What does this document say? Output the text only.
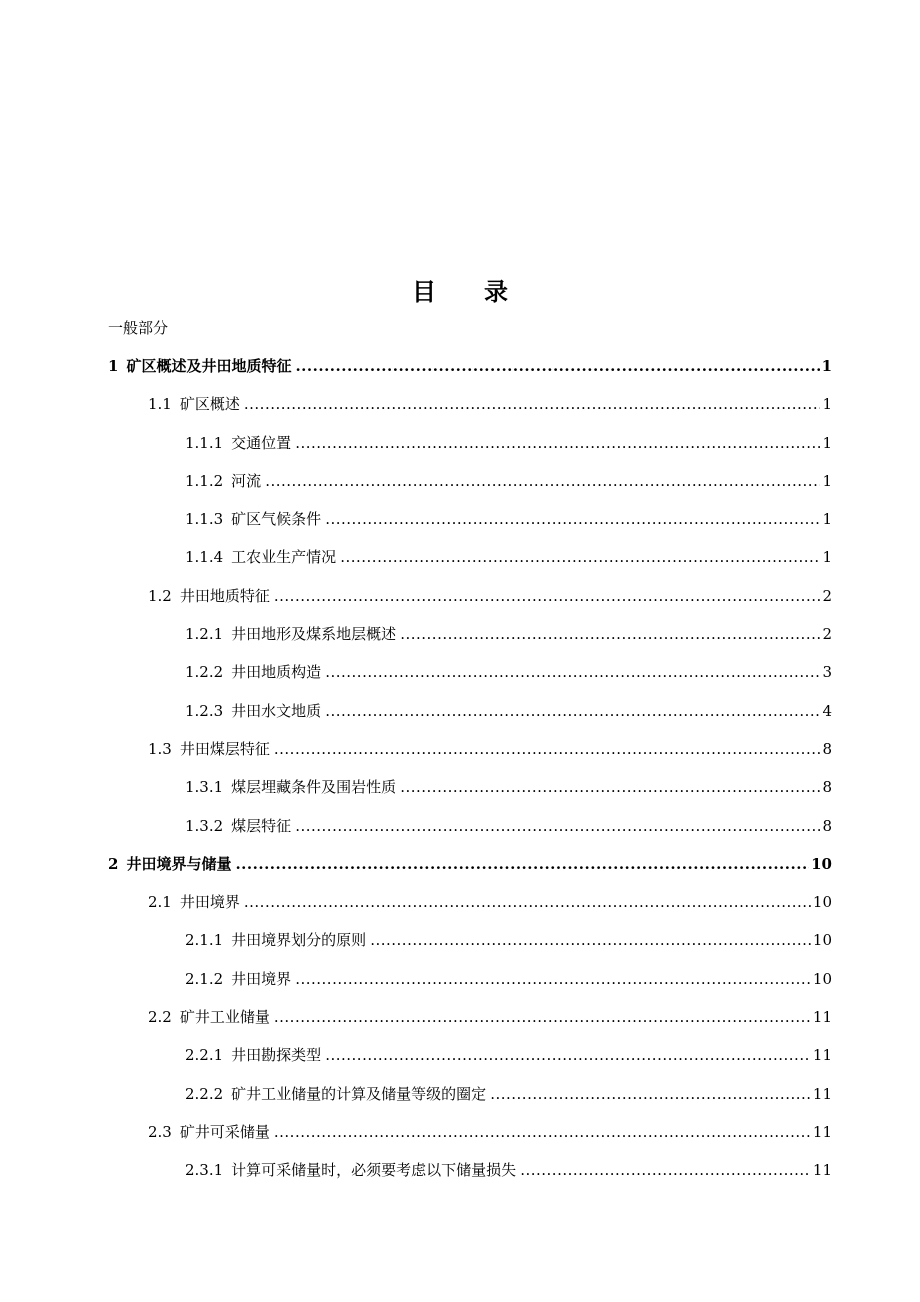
目录
一般部分
1 矿区概述及井田地质特征 .....	1
1.1 矿区概述 .....	1
1.1.1 交通位置 .....	1
1.1.2 河流 .....	1
1.1.3 矿区气候条件 .....	1
1.1.4 工农业生产情况 .....	1
1.2 井田地质特征 .....	2
1.2.1 井田地形及煤系地层概述 .....	2
1.2.2 井田地质构造 .....	3
1.2.3 井田水文地质 .....	4
1.3 井田煤层特征 .....	8
1.3.1 煤层埋藏条件及围岩性质 .....	8
1.3.2 煤层特征 .....	8
2 井田境界与储量 .....	10
2.1 井田境界 .....	10
2.1.1 井田境界划分的原则 .....	10
2.1.2 井田境界 .....	10
2.2 矿井工业储量 .....	11
2.2.1 井田勘探类型 .....	11
2.2.2 矿井工业储量的计算及储量等级的圈定 .....	11
2.3 矿井可采储量 .....	11
2.3.1 计算可采储量时，必须要考虑以下储量损失 .....	11
